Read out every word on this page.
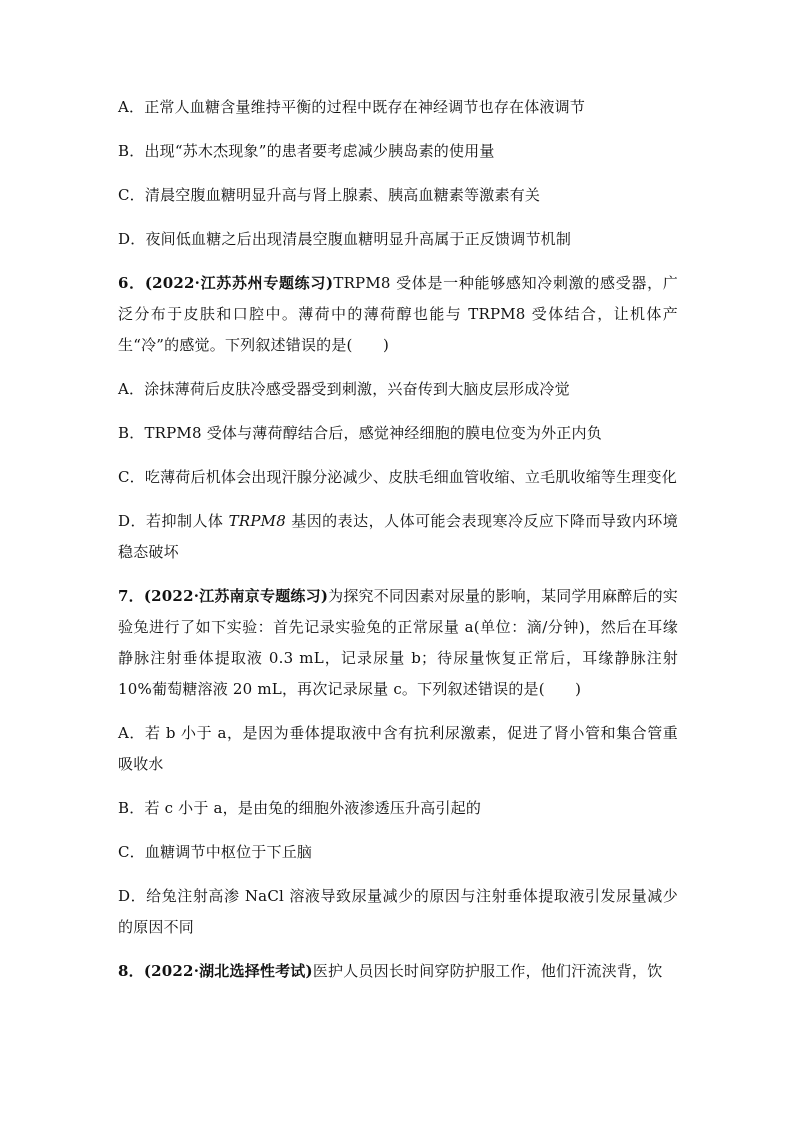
A．正常人血糖含量维持平衡的过程中既存在神经调节也存在体液调节

B．出现“苏木杰现象”的患者要考虑减少胰岛素的使用量

C．清晨空腹血糖明显升高与肾上腺素、胰高血糖素等激素有关

D．夜间低血糖之后出现清晨空腹血糖明显升高属于正反馈调节机制

6．(2022·江苏苏州专题练习)TRPM8 受体是一种能够感知冷刺激的感受器，广泛分布于皮肤和口腔中。薄荷中的薄荷醇也能与 TRPM8 受体结合，让机体产生“冷”的感觉。下列叙述错误的是(　　)

A．涂抹薄荷后皮肤冷感受器受到刺激，兴奋传到大脑皮层形成冷觉

B．TRPM8 受体与薄荷醇结合后，感觉神经细胞的膜电位变为外正内负

C．吃薄荷后机体会出现汗腺分泌减少、皮肤毛细血管收缩、立毛肌收缩等生理变化

D．若抑制人体 TRPM8 基因的表达，人体可能会表现寒冷反应下降而导致内环境稳态破坏

7．(2022·江苏南京专题练习)为探究不同因素对尿量的影响，某同学用麻醉后的实验兔进行了如下实验：首先记录实验兔的正常尿量 a(单位：滴/分钟)，然后在耳缘静脉注射垂体提取液 0.3 mL，记录尿量 b；待尿量恢复正常后，耳缘静脉注射 10%葡萄糖溶液 20 mL，再次记录尿量 c。下列叙述错误的是(　　)

A．若 b 小于 a，是因为垂体提取液中含有抗利尿激素，促进了肾小管和集合管重吸收水

B．若 c 小于 a，是由兔的细胞外液渗透压升高引起的

C．血糖调节中枢位于下丘脑

D．给兔注射高渗 NaCl 溶液导致尿量减少的原因与注射垂体提取液引发尿量减少的原因不同

8．(2022·湖北选择性考试)医护人员因长时间穿防护服工作，他们汗流浃背，饮
